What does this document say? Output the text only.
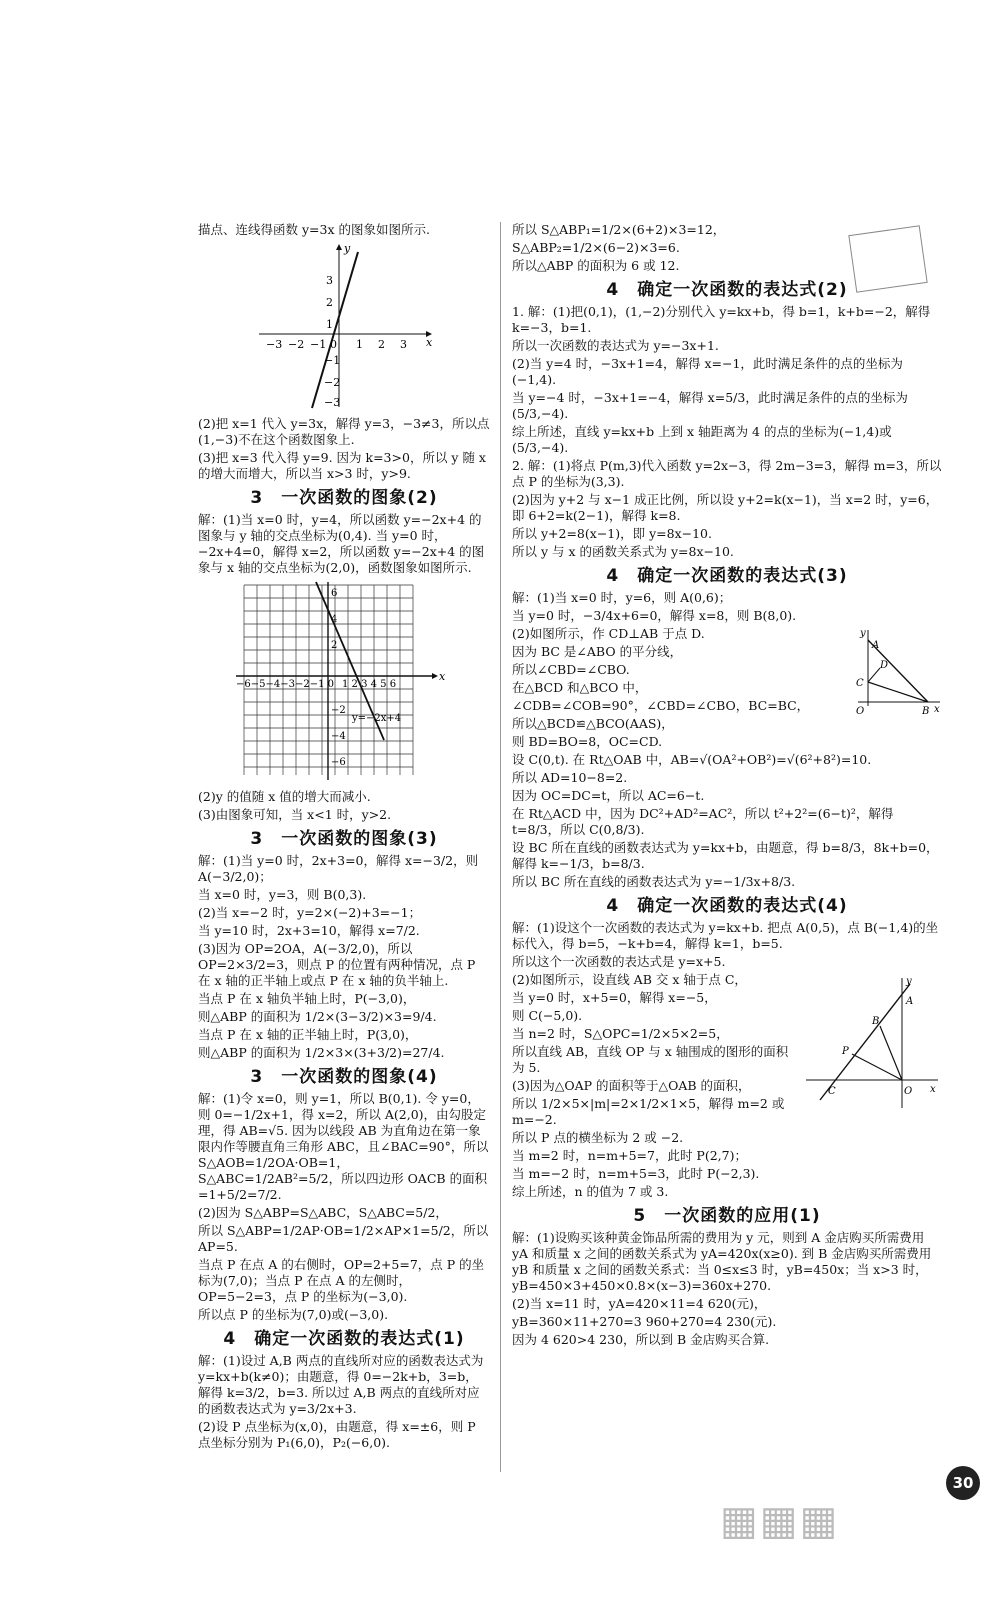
描点、连线得函数 y=3x 的图象如图所示.

x
y
−3 −2 −1 0 1 2 3
3
2
1
−1
−2
−3

(2)把 x=1 代入 y=3x，解得 y=3，−3≠3，所以点(1,−3)不在这个函数图象上.

(3)把 x=3 代入得 y=9. 因为 k=3>0，所以 y 随 x 的增大而增大，所以当 x>3 时，y>9.

3　一次函数的图象(2)

解：(1)当 x=0 时，y=4，所以函数 y=−2x+4 的图象与 y 轴的交点坐标为(0,4). 当 y=0 时，−2x+4=0，解得 x=2，所以函数 y=−2x+4 的图象与 x 轴的交点坐标为(2,0)，函数图象如图所示.

x
−6−5−4−3−2−1 0 1 2 3 4 5 6
6
4
2
−2
−4
−6
y=−2x+4

(2)y 的值随 x 值的增大而减小.

(3)由图象可知，当 x<1 时，y>2.

3　一次函数的图象(3)

解：(1)当 y=0 时，2x+3=0，解得 x=−3/2，则 A(−3/2,0)；

当 x=0 时，y=3，则 B(0,3).

(2)当 x=−2 时，y=2×(−2)+3=−1；

当 y=10 时，2x+3=10，解得 x=7/2.

(3)因为 OP=2OA，A(−3/2,0)，所以 OP=2×3/2=3，则点 P 的位置有两种情况，点 P 在 x 轴的正半轴上或点 P 在 x 轴的负半轴上.

当点 P 在 x 轴负半轴上时，P(−3,0)，

则△ABP 的面积为 1/2×(3−3/2)×3=9/4.

当点 P 在 x 轴的正半轴上时，P(3,0)，

则△ABP 的面积为 1/2×3×(3+3/2)=27/4.

3　一次函数的图象(4)

解：(1)令 x=0，则 y=1，所以 B(0,1). 令 y=0，则 0=−1/2x+1，得 x=2，所以 A(2,0)，由勾股定理，得 AB=√5. 因为以线段 AB 为直角边在第一象限内作等腰直角三角形 ABC，且∠BAC=90°，所以 S△AOB=1/2OA·OB=1，S△ABC=1/2AB²=5/2，所以四边形 OACB 的面积=1+5/2=7/2.

(2)因为 S△ABP=S△ABC，S△ABC=5/2，

所以 S△ABP=1/2AP·OB=1/2×AP×1=5/2，所以 AP=5.

当点 P 在点 A 的右侧时，OP=2+5=7，点 P 的坐标为(7,0)；当点 P 在点 A 的左侧时，OP=5−2=3，点 P 的坐标为(−3,0).

所以点 P 的坐标为(7,0)或(−3,0).

4　确定一次函数的表达式(1)

解：(1)设过 A,B 两点的直线所对应的函数表达式为 y=kx+b(k≠0)；由题意，得 0=−2k+b，3=b，解得 k=3/2，b=3. 所以过 A,B 两点的直线所对应的函数表达式为 y=3/2x+3.

(2)设 P 点坐标为(x,0)，由题意，得 x=±6，则 P 点坐标分别为 P₁(6,0)，P₂(−6,0).

所以 S△ABP₁=1/2×(6+2)×3=12，

S△ABP₂=1/2×(6−2)×3=6.

所以△ABP 的面积为 6 或 12.

4　确定一次函数的表达式(2)

1. 解：(1)把(0,1)，(1,−2)分别代入 y=kx+b，得 b=1，k+b=−2，解得 k=−3，b=1.

所以一次函数的表达式为 y=−3x+1.

(2)当 y=4 时，−3x+1=4，解得 x=−1，此时满足条件的点的坐标为(−1,4).

当 y=−4 时，−3x+1=−4，解得 x=5/3，此时满足条件的点的坐标为(5/3,−4).

综上所述，直线 y=kx+b 上到 x 轴距离为 4 的点的坐标为(−1,4)或(5/3,−4).

2. 解：(1)将点 P(m,3)代入函数 y=2x−3，得 2m−3=3，解得 m=3，所以点 P 的坐标为(3,3).

(2)因为 y+2 与 x−1 成正比例，所以设 y+2=k(x−1)，当 x=2 时，y=6，即 6+2=k(2−1)，解得 k=8.

所以 y+2=8(x−1)，即 y=8x−10.

所以 y 与 x 的函数关系式为 y=8x−10.

4　确定一次函数的表达式(3)

解：(1)当 x=0 时，y=6，则 A(0,6)；

当 y=0 时，−3/4x+6=0，解得 x=8，则 B(8,0).

y
A
D
C
O	B x

(2)如图所示，作 CD⊥AB 于点 D.

因为 BC 是∠ABO 的平分线，

所以∠CBD=∠CBO.

在△BCD 和△BCO 中，

∠CDB=∠COB=90°，∠CBD=∠CBO，BC=BC，

所以△BCD≌△BCO(AAS)，

则 BD=BO=8，OC=CD.

设 C(0,t). 在 Rt△OAB 中，AB=√(OA²+OB²)=√(6²+8²)=10.

所以 AD=10−8=2.

因为 OC=DC=t，所以 AC=6−t.

在 Rt△ACD 中，因为 DC²+AD²=AC²，所以 t²+2²=(6−t)²，解得 t=8/3，所以 C(0,8/3).

设 BC 所在直线的函数表达式为 y=kx+b，由题意，得 b=8/3，8k+b=0，解得 k=−1/3，b=8/3.

所以 BC 所在直线的函数表达式为 y=−1/3x+8/3.

4　确定一次函数的表达式(4)

解：(1)设这个一次函数的表达式为 y=kx+b. 把点 A(0,5)，点 B(−1,4)的坐标代入，得 b=5，−k+b=4，解得 k=1，b=5.

所以这个一次函数的表达式是 y=x+5.

y
A
B
P
C	O x

(2)如图所示，设直线 AB 交 x 轴于点 C，

当 y=0 时，x+5=0，解得 x=−5，

则 C(−5,0).

当 n=2 时，S△OPC=1/2×5×2=5，

所以直线 AB，直线 OP 与 x 轴围成的图形的面积为 5.

(3)因为△OAP 的面积等于△OAB 的面积，

所以 1/2×5×|m|=2×1/2×1×5，解得 m=2 或 m=−2.

所以 P 点的横坐标为 2 或 −2.

当 m=2 时，n=m+5=7，此时 P(2,7)；

当 m=−2 时，n=m+5=3，此时 P(−2,3).

综上所述，n 的值为 7 或 3.

5　一次函数的应用(1)

解：(1)设购买该种黄金饰品所需的费用为 y 元，则到 A 金店购买所需费用 yA 和质量 x 之间的函数关系式为 yA=420x(x≥0). 到 B 金店购买所需费用 yB 和质量 x 之间的函数关系式：当 0≤x≤3 时，yB=450x；当 x>3 时，yB=450×3+450×0.8×(x−3)=360x+270.

(2)当 x=11 时，yA=420×11=4 620(元)，

yB=360×11+270=3 960+270=4 230(元).

因为 4 620>4 230，所以到 B 金店购买合算.

30
▦▦▦
